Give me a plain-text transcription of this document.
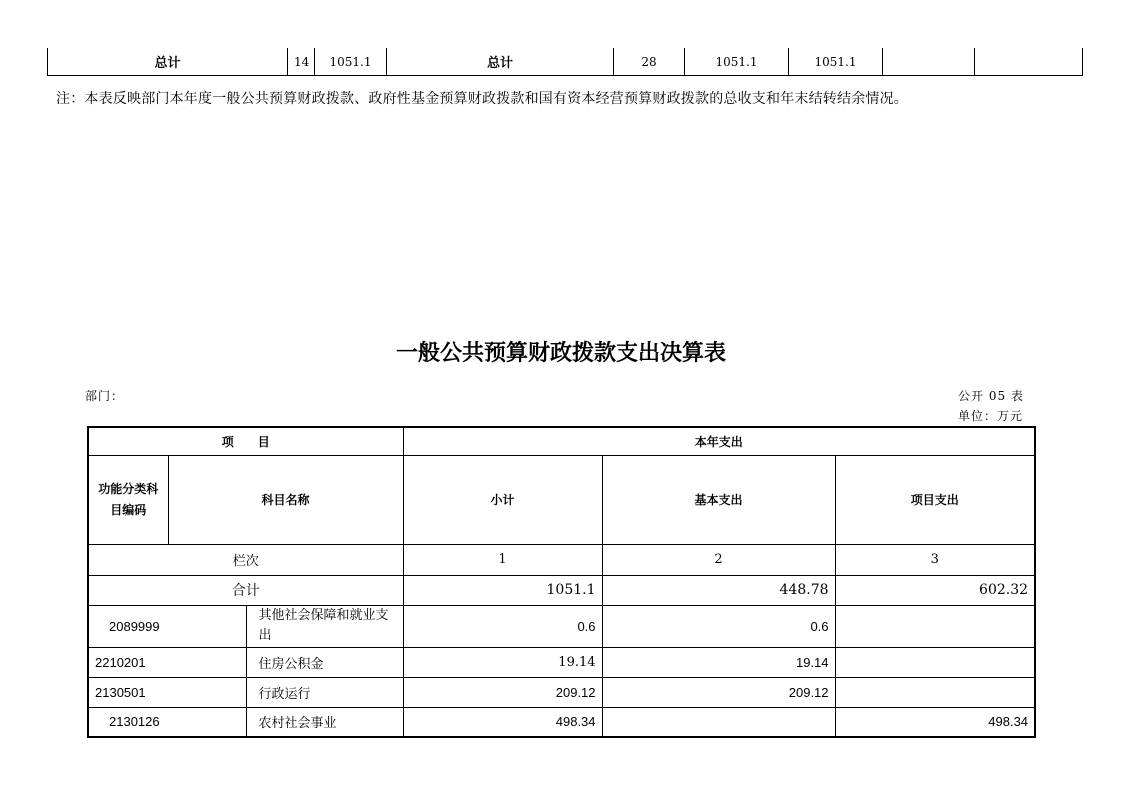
总计	14	1051.1	总计	28	1051.1	1051.1		
注：本表反映部门本年度一般公共预算财政拨款、政府性基金预算财政拨款和国有资本经营预算财政拨款的总收支和年末结转结余情况。
一般公共预算财政拨款支出决算表
部门：	公开 05 表
单位：万元
项　　目			本年支出		
功能分类科目编码	科目名称		小计	基本支出	项目支出
栏次			1	2	3
合计			1051.1	448.78	602.32
2089999		其他社会保障和就业支出	0.6	0.6	
2210201		住房公积金	19.14	19.14	
2130501		行政运行	209.12	209.12	
2130126		农村社会事业	498.34		498.34
